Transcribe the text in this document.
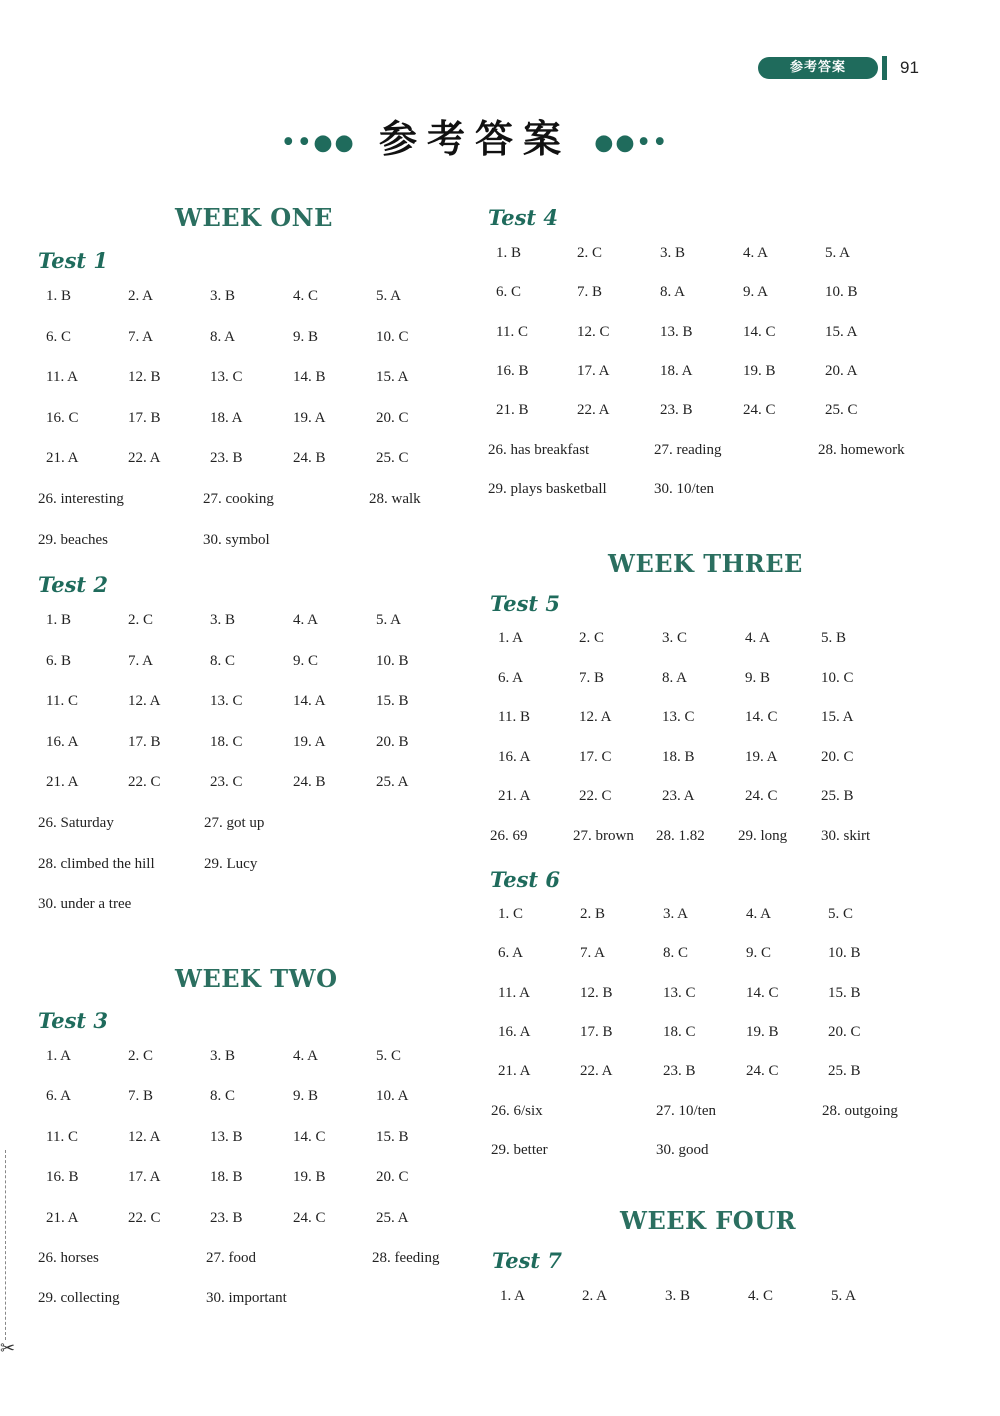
参考答案	91
••●● 参考答案 ●●••
WEEK ONE
WEEK TWO
WEEK THREE
WEEK FOUR
Test 1
1. B	2. A	3. B	4. C	5. A
6. C	7. A	8. A	9. B	10. C
11. A	12. B	13. C	14. B	15. A
16. C	17. B	18. A	19. A	20. C
21. A	22. A	23. B	24. B	25. C
26. interesting	27. cooking	28. walk
29. beaches	30. symbol
Test 2
1. B	2. C	3. B	4. A	5. A
6. B	7. A	8. C	9. C	10. B
11. C	12. A	13. C	14. A	15. B
16. A	17. B	18. C	19. A	20. B
21. A	22. C	23. C	24. B	25. A
26. Saturday	27. got up
28. climbed the hill	29. Lucy
30. under a tree
Test 3
1. A	2. C	3. B	4. A	5. C
6. A	7. B	8. C	9. B	10. A
11. C	12. A	13. B	14. C	15. B
16. B	17. A	18. B	19. B	20. C
21. A	22. C	23. B	24. C	25. A
26. horses	27. food	28. feeding
29. collecting	30. important
Test 4
1. B	2. C	3. B	4. A	5. A
6. C	7. B	8. A	9. A	10. B
11. C	12. C	13. B	14. C	15. A
16. B	17. A	18. A	19. B	20. A
21. B	22. A	23. B	24. C	25. C
26. has breakfast	27. reading	28. homework
29. plays basketball	30. 10/ten
Test 5
1. A	2. C	3. C	4. A	5. B
6. A	7. B	8. A	9. B	10. C
11. B	12. A	13. C	14. C	15. A
16. A	17. C	18. B	19. A	20. C
21. A	22. C	23. A	24. C	25. B
26. 69	27. brown 28. 1.82 29. long 30. skirt
Test 6
1. C	2. B	3. A	4. A	5. C
6. A	7. A	8. C	9. C	10. B
11. A	12. B	13. C	14. C	15. B
16. A	17. B	18. C	19. B	20. C
21. A	22. A	23. B	24. C	25. B
26. 6/six	27. 10/ten	28. outgoing
29. better	30. good
Test 7
1. A	2. A	3. B	4. C	5. A
✂
